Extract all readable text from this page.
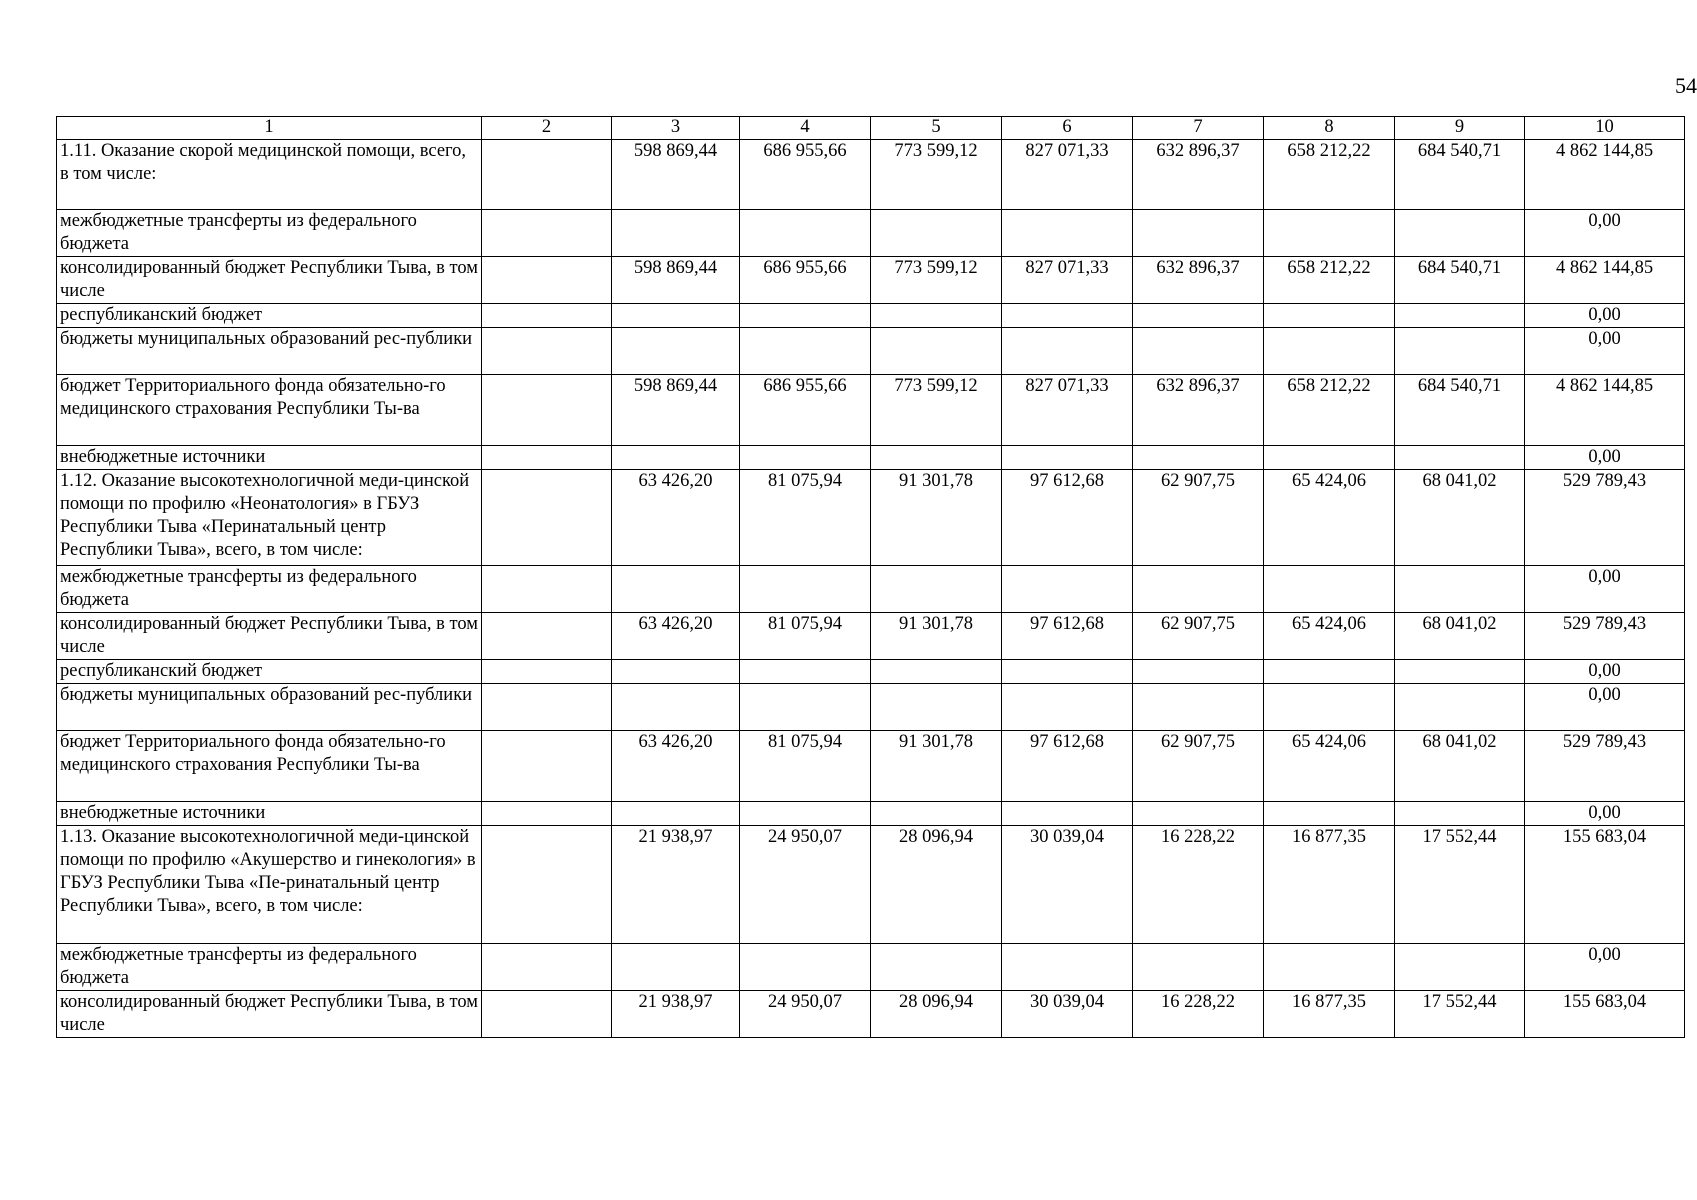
54
1	2	3	4	5	6	7	8	9	10
1.11. Оказание скорой медицинской помощи, всего, в том числе:		598 869,44	686 955,66	773 599,12	827 071,33	632 896,37	658 212,22	684 540,71	4 862 144,85
межбюджетные трансферты из федерального бюджета									0,00
консолидированный бюджет Республики Тыва, в том числе		598 869,44	686 955,66	773 599,12	827 071,33	632 896,37	658 212,22	684 540,71	4 862 144,85
республиканский бюджет									0,00
бюджеты муниципальных образований рес-публики									0,00
бюджет Территориального фонда обязательно-го медицинского страхования Республики Ты-ва		598 869,44	686 955,66	773 599,12	827 071,33	632 896,37	658 212,22	684 540,71	4 862 144,85
внебюджетные источники									0,00
1.12. Оказание высокотехнологичной меди-цинской помощи по профилю «Неонатология» в ГБУЗ Республики Тыва «Перинатальный центр Республики Тыва», всего, в том числе:		63 426,20	81 075,94	91 301,78	97 612,68	62 907,75	65 424,06	68 041,02	529 789,43
межбюджетные трансферты из федерального бюджета									0,00
консолидированный бюджет Республики Тыва, в том числе		63 426,20	81 075,94	91 301,78	97 612,68	62 907,75	65 424,06	68 041,02	529 789,43
республиканский бюджет									0,00
бюджеты муниципальных образований рес-публики									0,00
бюджет Территориального фонда обязательно-го медицинского страхования Республики Ты-ва		63 426,20	81 075,94	91 301,78	97 612,68	62 907,75	65 424,06	68 041,02	529 789,43
внебюджетные источники									0,00
1.13. Оказание высокотехнологичной меди-цинской помощи по профилю «Акушерство и гинекология» в ГБУЗ Республики Тыва «Пе-ринатальный центр Республики Тыва», всего, в том числе:		21 938,97	24 950,07	28 096,94	30 039,04	16 228,22	16 877,35	17 552,44	155 683,04
межбюджетные трансферты из федерального бюджета									0,00
консолидированный бюджет Республики Тыва, в том числе		21 938,97	24 950,07	28 096,94	30 039,04	16 228,22	16 877,35	17 552,44	155 683,04
